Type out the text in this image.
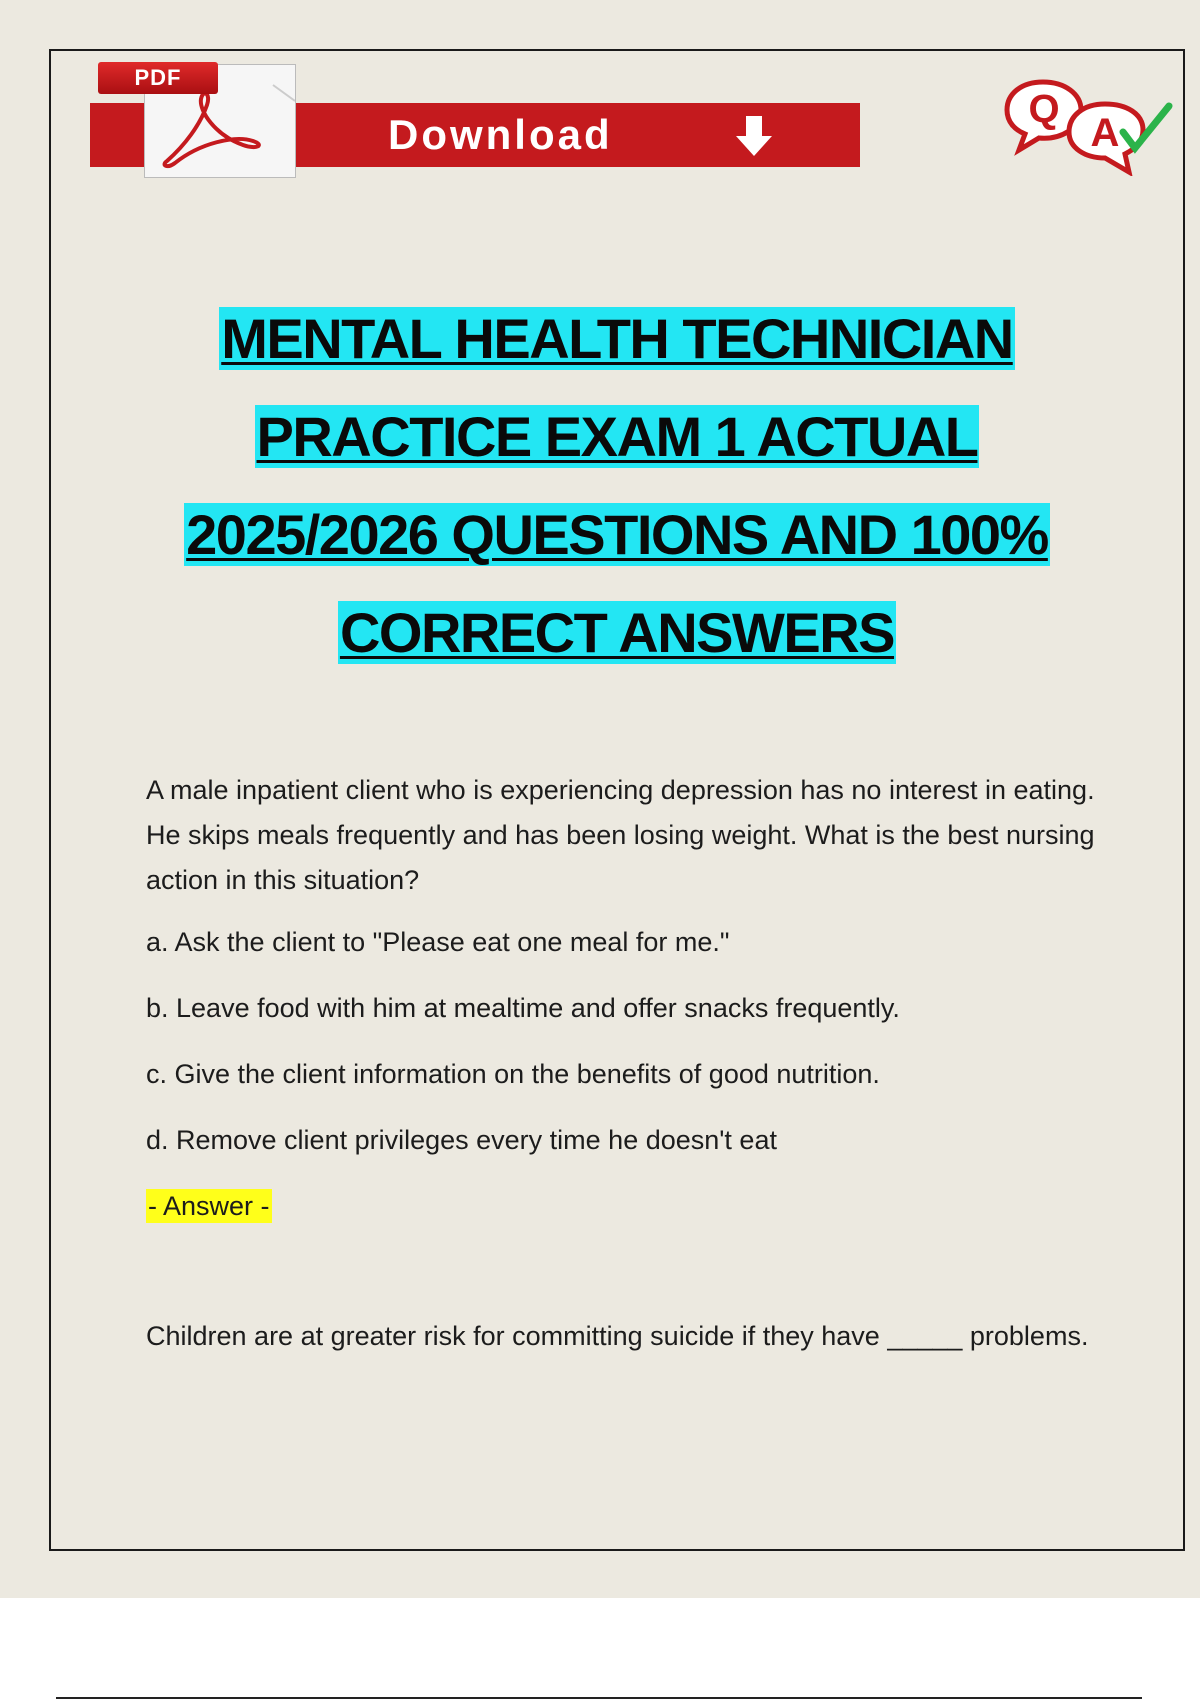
PDF
Download
Q
A
MENTAL HEALTH TECHNICIAN
PRACTICE EXAM 1 ACTUAL
2025/2026 QUESTIONS AND 100%
CORRECT ANSWERS

A male inpatient client who is experiencing depression has no interest in eating. He skips meals frequently and has been losing weight. What is the best nursing action in this situation?

a. Ask the client to "Please eat one meal for me."

b. Leave food with him at mealtime and offer snacks frequently.

c. Give the client information on the benefits of good nutrition.

d. Remove client privileges every time he doesn't eat

- Answer -

Children are at greater risk for committing suicide if they have _____ problems.
